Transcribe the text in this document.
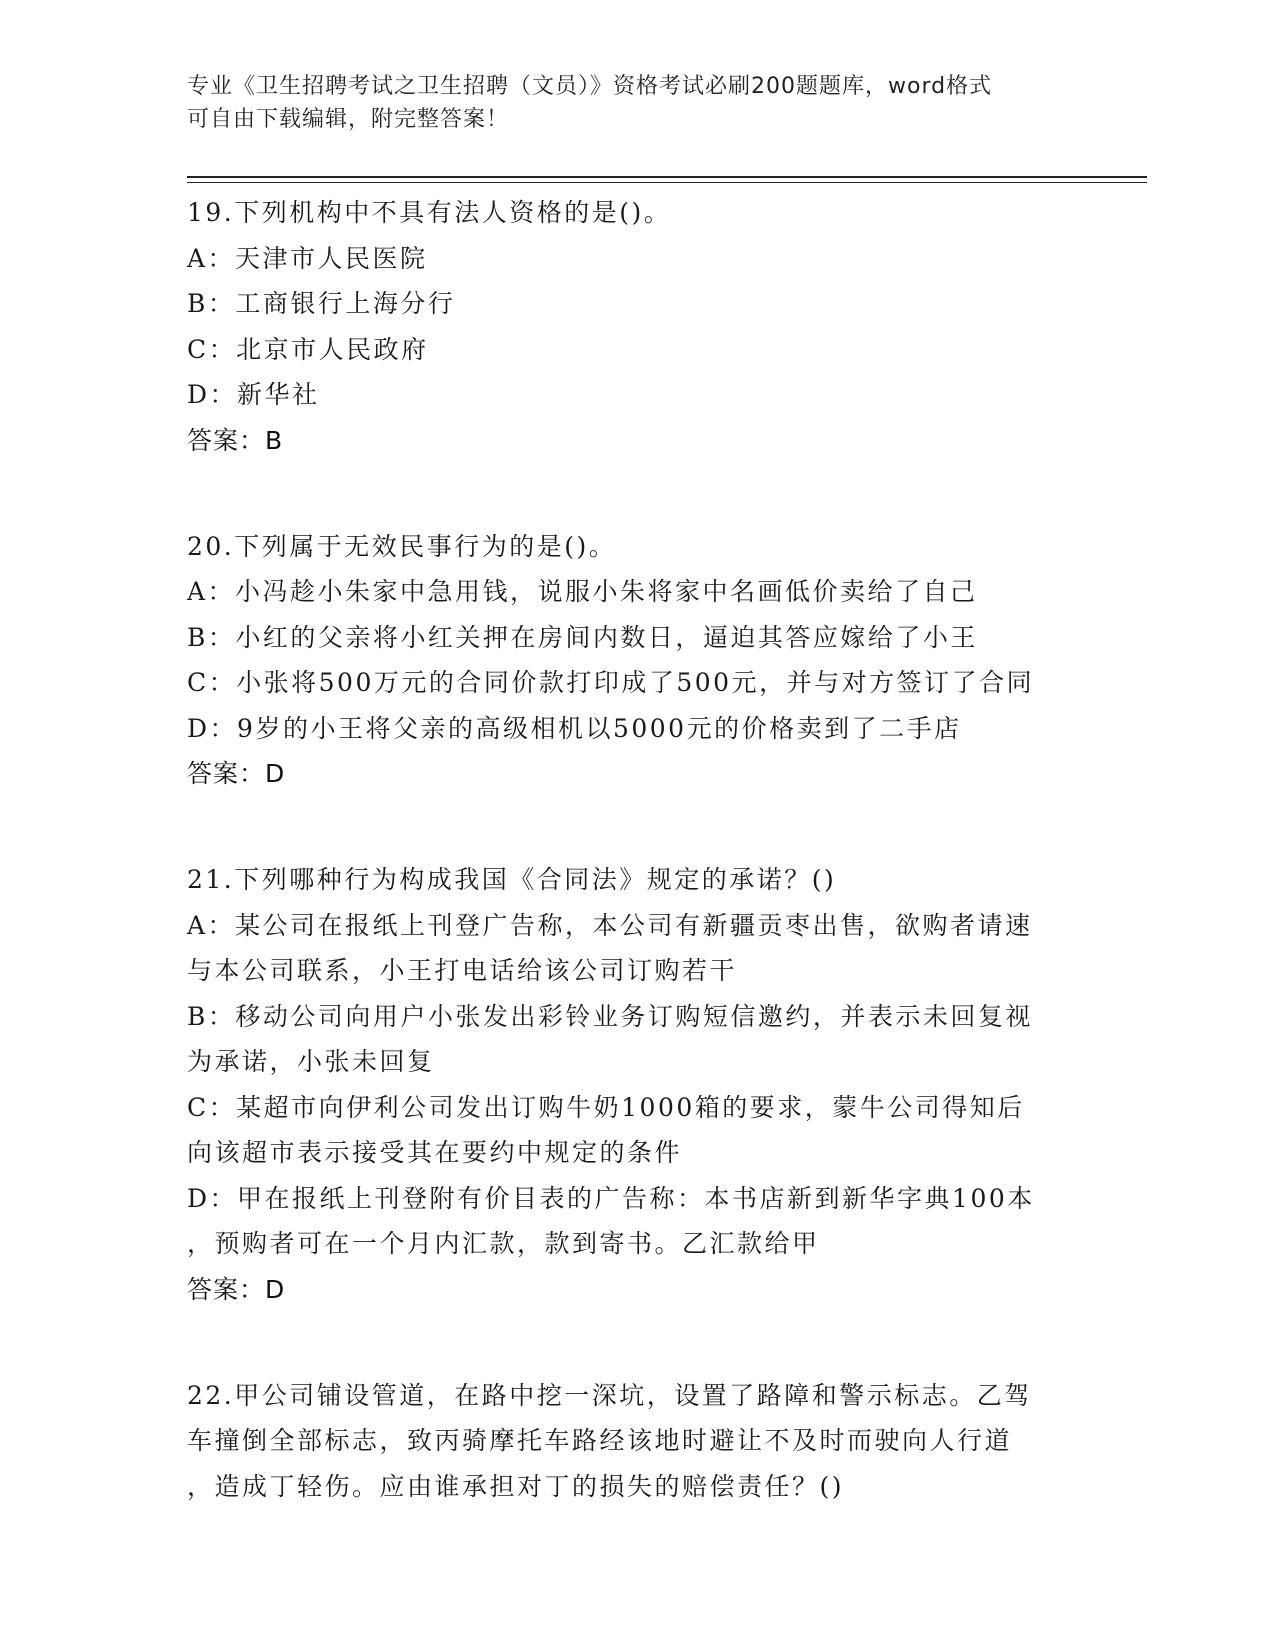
专业《卫生招聘考试之卫生招聘（文员）》资格考试必刷200题题库，word格式
可自由下载编辑，附完整答案！
19.下列机构中不具有法人资格的是()。
A：天津市人民医院
B：工商银行上海分行
C：北京市人民政府
D：新华社
答案：B
20.下列属于无效民事行为的是()。
A：小冯趁小朱家中急用钱，说服小朱将家中名画低价卖给了自己
B：小红的父亲将小红关押在房间内数日，逼迫其答应嫁给了小王
C：小张将500万元的合同价款打印成了500元，并与对方签订了合同
D：9岁的小王将父亲的高级相机以5000元的价格卖到了二手店
答案：D
21.下列哪种行为构成我国《合同法》规定的承诺？()
A：某公司在报纸上刊登广告称，本公司有新疆贡枣出售，欲购者请速
与本公司联系，小王打电话给该公司订购若干
B：移动公司向用户小张发出彩铃业务订购短信邀约，并表示未回复视
为承诺，小张未回复
C：某超市向伊利公司发出订购牛奶1000箱的要求，蒙牛公司得知后
向该超市表示接受其在要约中规定的条件
D：甲在报纸上刊登附有价目表的广告称：本书店新到新华字典100本
，预购者可在一个月内汇款，款到寄书。乙汇款给甲
答案：D
22.甲公司铺设管道，在路中挖一深坑，设置了路障和警示标志。乙驾
车撞倒全部标志，致丙骑摩托车路经该地时避让不及时而驶向人行道
，造成丁轻伤。应由谁承担对丁的损失的赔偿责任？()
